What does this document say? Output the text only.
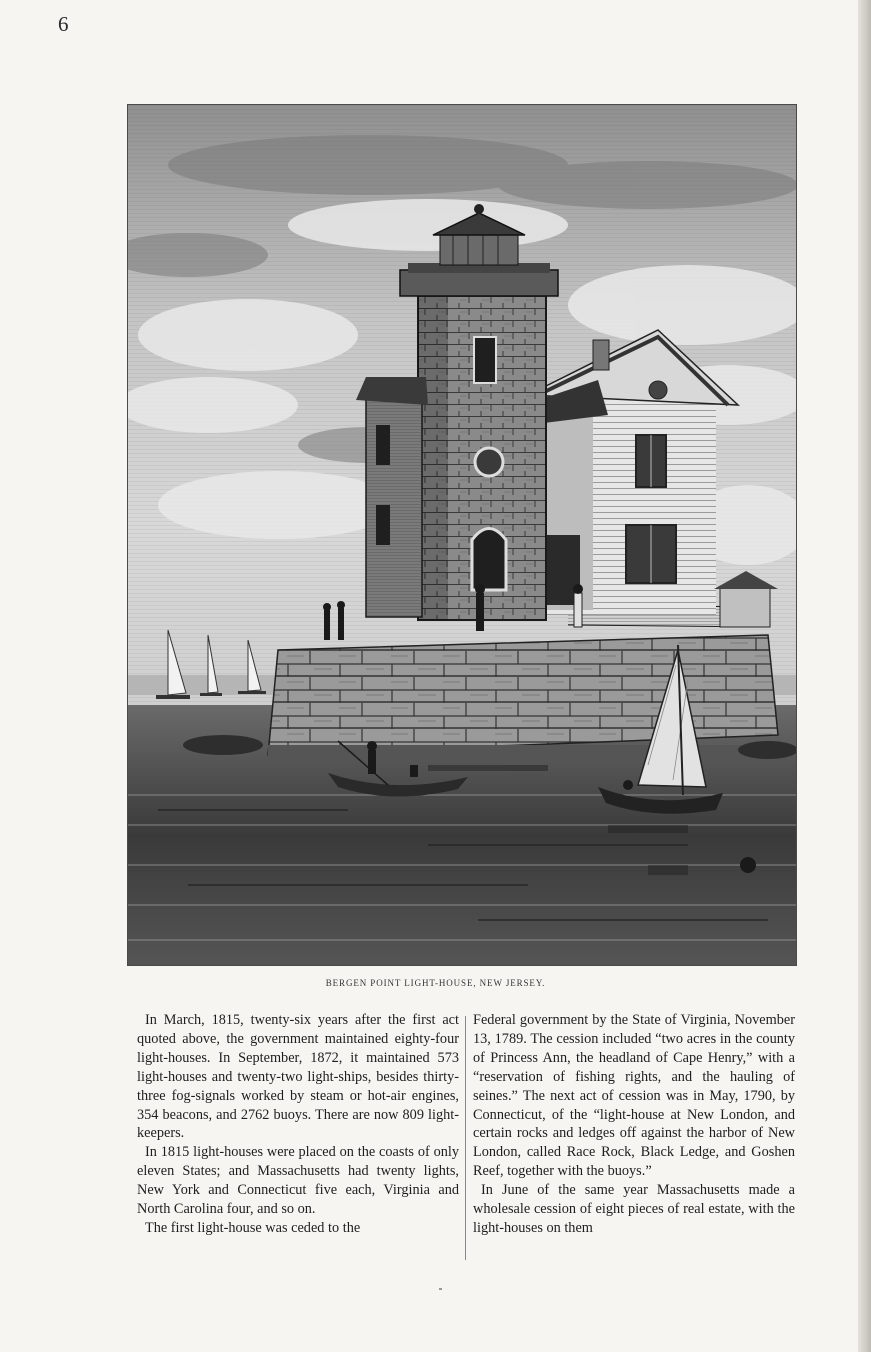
6
BERGEN POINT LIGHT-HOUSE, NEW JERSEY.

In March, 1815, twenty-six years after the first act quoted above, the government maintained eighty-four light-houses. In September, 1872, it maintained 573 light-houses and twenty-two light-ships, besides thirty-three fog-signals worked by steam or hot-air engines, 354 beacons, and 2762 buoys. There are now 809 light-keepers.

In 1815 light-houses were placed on the coasts of only eleven States; and Massachusetts had twenty lights, New York and Connecticut five each, Virginia and North Carolina four, and so on.

The first light-house was ceded to the

Federal government by the State of Virginia, November 13, 1789. The cession included “two acres in the county of Princess Ann, the headland of Cape Henry,” with a “reservation of fishing rights, and the hauling of seines.” The next act of cession was in May, 1790, by Connecticut, of the “light-house at New London, and certain rocks and ledges off against the harbor of New London, called Race Rock, Black Ledge, and Goshen Reef, together with the buoys.”

In June of the same year Massachusetts made a wholesale cession of eight pieces of real estate, with the light-houses on them
